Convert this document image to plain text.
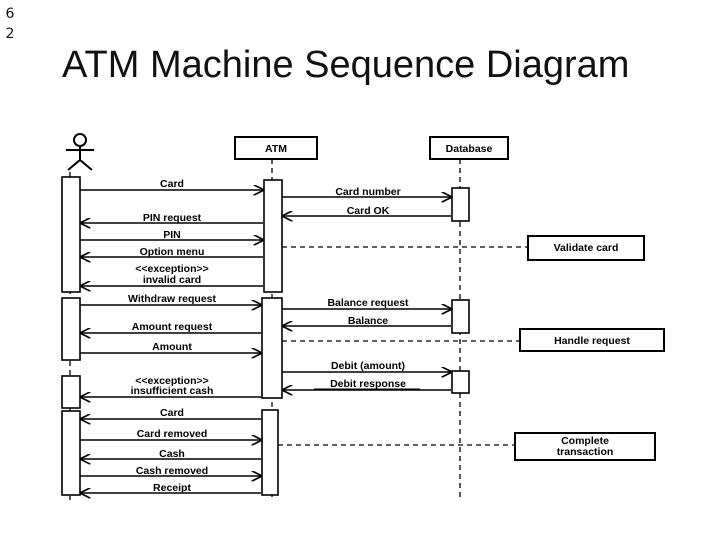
6
2
ATM Machine Sequence Diagram
ATM	Database
Validate card
Handle request
Complete
transaction
Card
PIN request
PIN
Option menu
<<exception>>
invalid card
Withdraw request
Amount request
Amount
<<exception>>
insufficient cash
Card
Card removed
Cash
Cash removed
Receipt
Card number
Card OK
Balance request
Balance
Debit (amount)
Debit response
